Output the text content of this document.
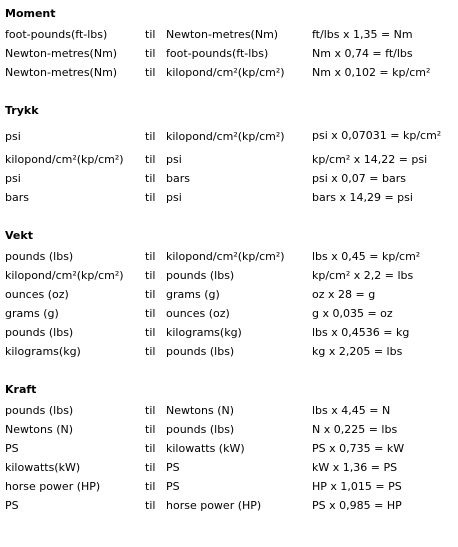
Moment
foot-pounds(ft-lbs)	til	Newton-metres(Nm)	ft/lbs x 1,35 = Nm
Newton-metres(Nm)	til	foot-pounds(ft-lbs)	Nm x 0,74 = ft/lbs
Newton-metres(Nm)	til	kilopond/cm²(kp/cm²)	Nm x 0,102 = kp/cm²
Trykk
psi	til	kilopond/cm²(kp/cm²)	psi x 0,07031 = kp/cm²
kilopond/cm²(kp/cm²)	til	psi	kp/cm² x 14,22 = psi
psi	til	bars	psi x 0,07 = bars
bars	til	psi	bars x 14,29 = psi
Vekt
pounds (lbs)	til	kilopond/cm²(kp/cm²)	lbs x 0,45 = kp/cm²
kilopond/cm²(kp/cm²)	til	pounds (lbs)	kp/cm² x 2,2 = lbs
ounces (oz)	til	grams (g)	oz x 28 = g
grams (g)	til	ounces (oz)	g x 0,035 = oz
pounds (lbs)	til	kilograms(kg)	lbs x 0,4536 = kg
kilograms(kg)	til	pounds (lbs)	kg x 2,205 = lbs
Kraft
pounds (lbs)	til	Newtons (N)	lbs x 4,45 = N
Newtons (N)	til	pounds (lbs)	N x 0,225 = lbs
PS	til	kilowatts (kW)	PS x 0,735 = kW
kilowatts(kW)	til	PS	kW x 1,36 = PS
horse power (HP)	til	PS	HP x 1,015 = PS
PS	til	horse power (HP)	PS x 0,985 = HP
